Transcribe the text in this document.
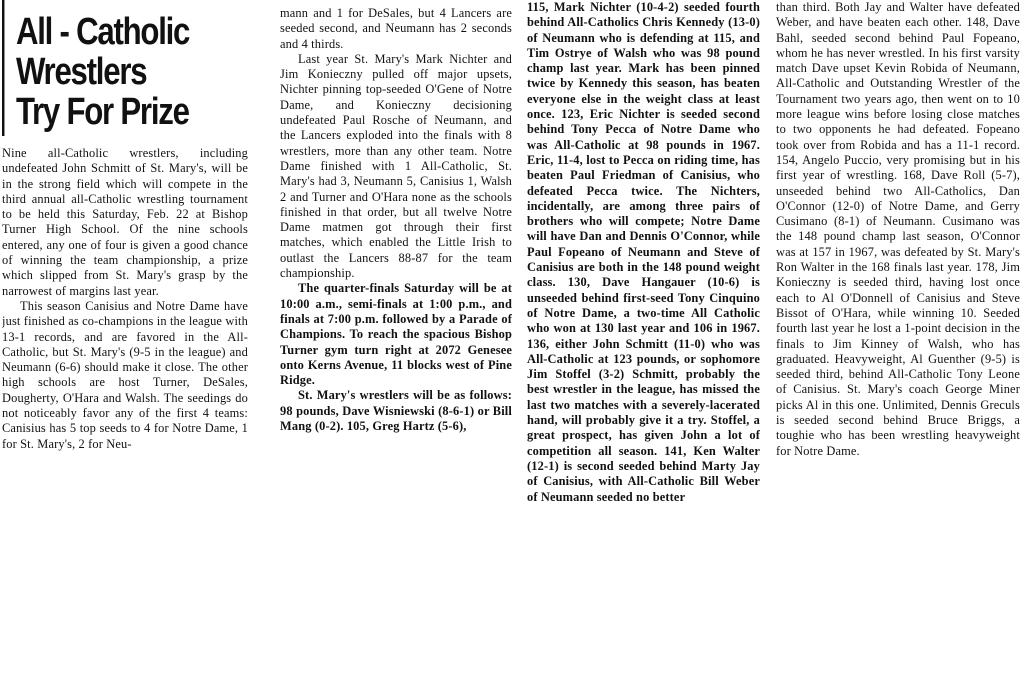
All - Catholic
Wrestlers
Try For Prize

Nine all-Catholic wrestlers, including undefeated John Schmitt of St. Mary's, will be in the strong field which will compete in the third annual all-Catholic wrestling tournament to be held this Saturday, Feb. 22 at Bishop Turner High School. Of the nine schools entered, any one of four is given a good chance of winning the team championship, a prize which slipped from St. Mary's grasp by the narrowest of margins last year.

This season Canisius and Notre Dame have just finished as co-champions in the league with 13-1 records, and are favored in the All-Catholic, but St. Mary's (9-5 in the league) and Neumann (6-6) should make it close. The other high schools are host Turner, DeSales, Dougherty, O'Hara and Walsh. The seedings do not noticeably favor any of the first 4 teams: Canisius has 5 top seeds to 4 for Notre Dame, 1 for St. Mary's, 2 for Neu-

mann and 1 for DeSales, but 4 Lancers are seeded second, and Neumann has 2 seconds and 4 thirds.

Last year St. Mary's Mark Nichter and Jim Konieczny pulled off major upsets, Nichter pinning top-seeded O'Gene of Notre Dame, and Konieczny decisioning undefeated Paul Rosche of Neumann, and the Lancers exploded into the finals with 8 wrestlers, more than any other team. Notre Dame finished with 1 All-Catholic, St. Mary's had 3, Neumann 5, Canisius 1, Walsh 2 and Turner and O'Hara none as the schools finished in that order, but all twelve Notre Dame matmen got through their first matches, which enabled the Little Irish to outlast the Lancers 88-87 for the team championship.

The quarter-finals Saturday will be at 10:00 a.m., semi-finals at 1:00 p.m., and finals at 7:00 p.m. followed by a Parade of Champions. To reach the spacious Bishop Turner gym turn right at 2072 Genesee onto Kerns Avenue, 11 blocks west of Pine Ridge.

St. Mary's wrestlers will be as follows: 98 pounds, Dave Wisniewski (8-6-1) or Bill Mang (0-2). 105, Greg Hartz (5-6),

115, Mark Nichter (10-4-2) seeded fourth behind All-Catholics Chris Kennedy (13-0) of Neumann who is defending at 115, and Tim Ostrye of Walsh who was 98 pound champ last year. Mark has been pinned twice by Kennedy this season, has beaten everyone else in the weight class at least once. 123, Eric Nichter is seeded second behind Tony Pecca of Notre Dame who was All-Catholic at 98 pounds in 1967. Eric, 11-4, lost to Pecca on riding time, has beaten Paul Friedman of Canisius, who defeated Pecca twice. The Nichters, incidentally, are among three pairs of brothers who will compete; Notre Dame will have Dan and Dennis O'Connor, while Paul Fopeano of Neumann and Steve of Canisius are both in the 148 pound weight class. 130, Dave Hangauer (10-6) is unseeded behind first-seed Tony Cinquino of Notre Dame, a two-time All Catholic who won at 130 last year and 106 in 1967. 136, either John Schmitt (11-0) who was All-Catholic at 123 pounds, or sophomore Jim Stoffel (3-2) Schmitt, probably the best wrestler in the league, has missed the last two matches with a severely-lacerated hand, will probably give it a try. Stoffel, a great prospect, has given John a lot of competition all season. 141, Ken Walter (12-1) is second seeded behind Marty Jay of Canisius, with All-Catholic Bill Weber of Neumann seeded no better

than third. Both Jay and Walter have defeated Weber, and have beaten each other. 148, Dave Bahl, seeded second behind Paul Fopeano, whom he has never wrestled. In his first varsity match Dave upset Kevin Robida of Neumann, All-Catholic and Outstanding Wrestler of the Tournament two years ago, then went on to 10 more league wins before losing close matches to two opponents he had defeated. Fopeano took over from Robida and has a 11-1 record. 154, Angelo Puccio, very promising but in his first year of wrestling. 168, Dave Roll (5-7), unseeded behind two All-Catholics, Dan O'Connor (12-0) of Notre Dame, and Gerry Cusimano (8-1) of Neumann. Cusimano was the 148 pound champ last season, O'Connor was at 157 in 1967, was defeated by St. Mary's Ron Walter in the 168 finals last year. 178, Jim Konieczny is seeded third, having lost once each to Al O'Donnell of Canisius and Steve Bissot of O'Hara, while winning 10. Seeded fourth last year he lost a 1-point decision in the finals to Jim Kinney of Walsh, who has graduated. Heavyweight, Al Guenther (9-5) is seeded third, behind All-Catholic Tony Leone of Canisius. St. Mary's coach George Miner picks Al in this one. Unlimited, Dennis Greculs is seeded second behind Bruce Briggs, a toughie who has been wrestling heavyweight for Notre Dame.
